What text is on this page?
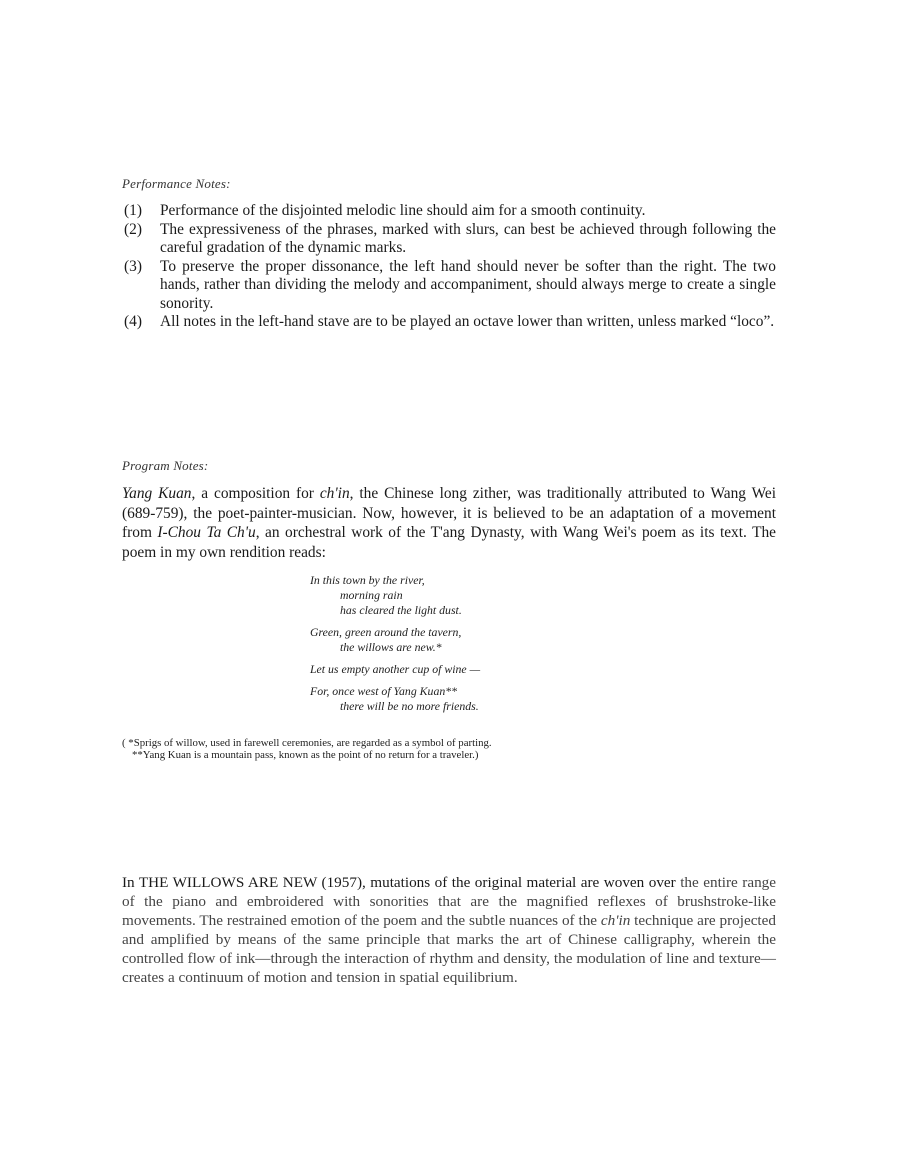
Performance Notes:
(1) Performance of the disjointed melodic line should aim for a smooth continuity.
(2) The expressiveness of the phrases, marked with slurs, can best be achieved through following the careful gradation of the dynamic marks.
(3) To preserve the proper dissonance, the left hand should never be softer than the right. The two hands, rather than dividing the melody and accompaniment, should always merge to create a single sonority.
(4) All notes in the left-hand stave are to be played an octave lower than written, unless marked “loco”.
Program Notes:

Yang Kuan, a composition for ch'in, the Chinese long zither, was traditionally attributed to Wang Wei (689-759), the poet-painter-musician. Now, however, it is believed to be an adaptation of a movement from I-Chou Ta Ch'u, an orchestral work of the T'ang Dynasty, with Wang Wei's poem as its text. The poem in my own rendition reads:

In this town by the river,
morning rain
has cleared the light dust.
Green, green around the tavern,
the willows are new.*
Let us empty another cup of wine —
For, once west of Yang Kuan**
there will be no more friends.
( *Sprigs of willow, used in farewell ceremonies, are regarded as a symbol of parting.
**Yang Kuan is a mountain pass, known as the point of no return for a traveler.)

In THE WILLOWS ARE NEW (1957), mutations of the original material are woven over the entire range of the piano and embroidered with sonorities that are the magnified reflexes of brushstroke-like movements. The restrained emotion of the poem and the subtle nuances of the ch'in technique are projected and amplified by means of the same principle that marks the art of Chinese calligraphy, wherein the controlled flow of ink—through the interaction of rhythm and density, the modulation of line and texture—creates a continuum of motion and tension in spatial equilibrium.
